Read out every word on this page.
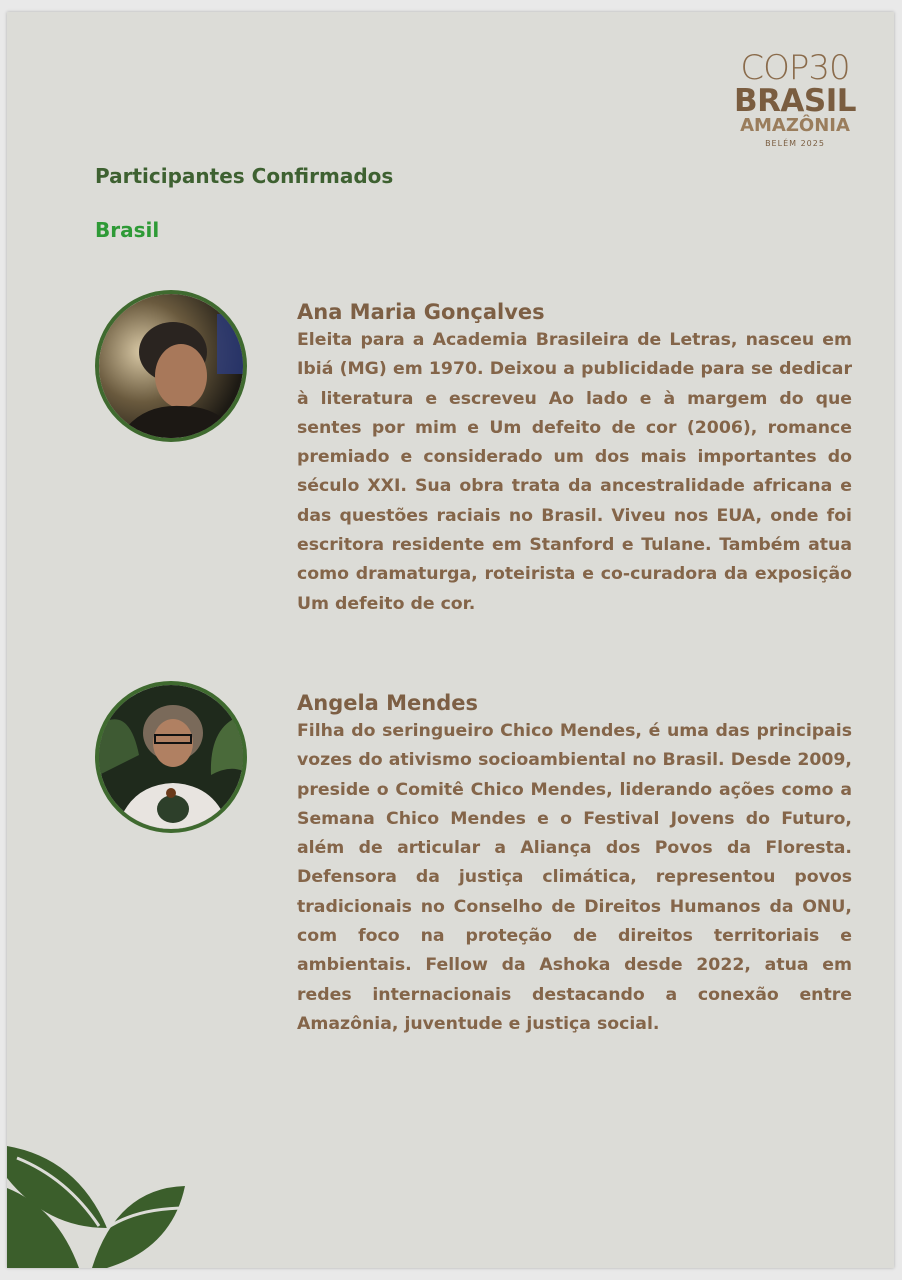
COP30
BRASIL
AMAZÔNIA
BELÉM 2025
Participantes Confirmados
Brasil
Ana Maria Gonçalves
Eleita para a Academia Brasileira de Letras, nasceu em Ibiá (MG) em 1970. Deixou a publicidade para se dedicar à literatura e escreveu Ao lado e à margem do que sentes por mim e Um defeito de cor (2006), romance premiado e considerado um dos mais importantes do século XXI. Sua obra trata da ancestralidade africana e das questões raciais no Brasil. Viveu nos EUA, onde foi escritora residente em Stanford e Tulane. Também atua como dramaturga, roteirista e co-curadora da exposição Um defeito de cor.
Angela Mendes
Filha do seringueiro Chico Mendes, é uma das principais vozes do ativismo socioambiental no Brasil. Desde 2009, preside o Comitê Chico Mendes, liderando ações como a Semana Chico Mendes e o Festival Jovens do Futuro, além de articular a Aliança dos Povos da Floresta. Defensora da justiça climática, representou povos tradicionais no Conselho de Direitos Humanos da ONU, com foco na proteção de direitos territoriais e ambientais. Fellow da Ashoka desde 2022, atua em redes internacionais destacando a conexão entre Amazônia, juventude e justiça social.
